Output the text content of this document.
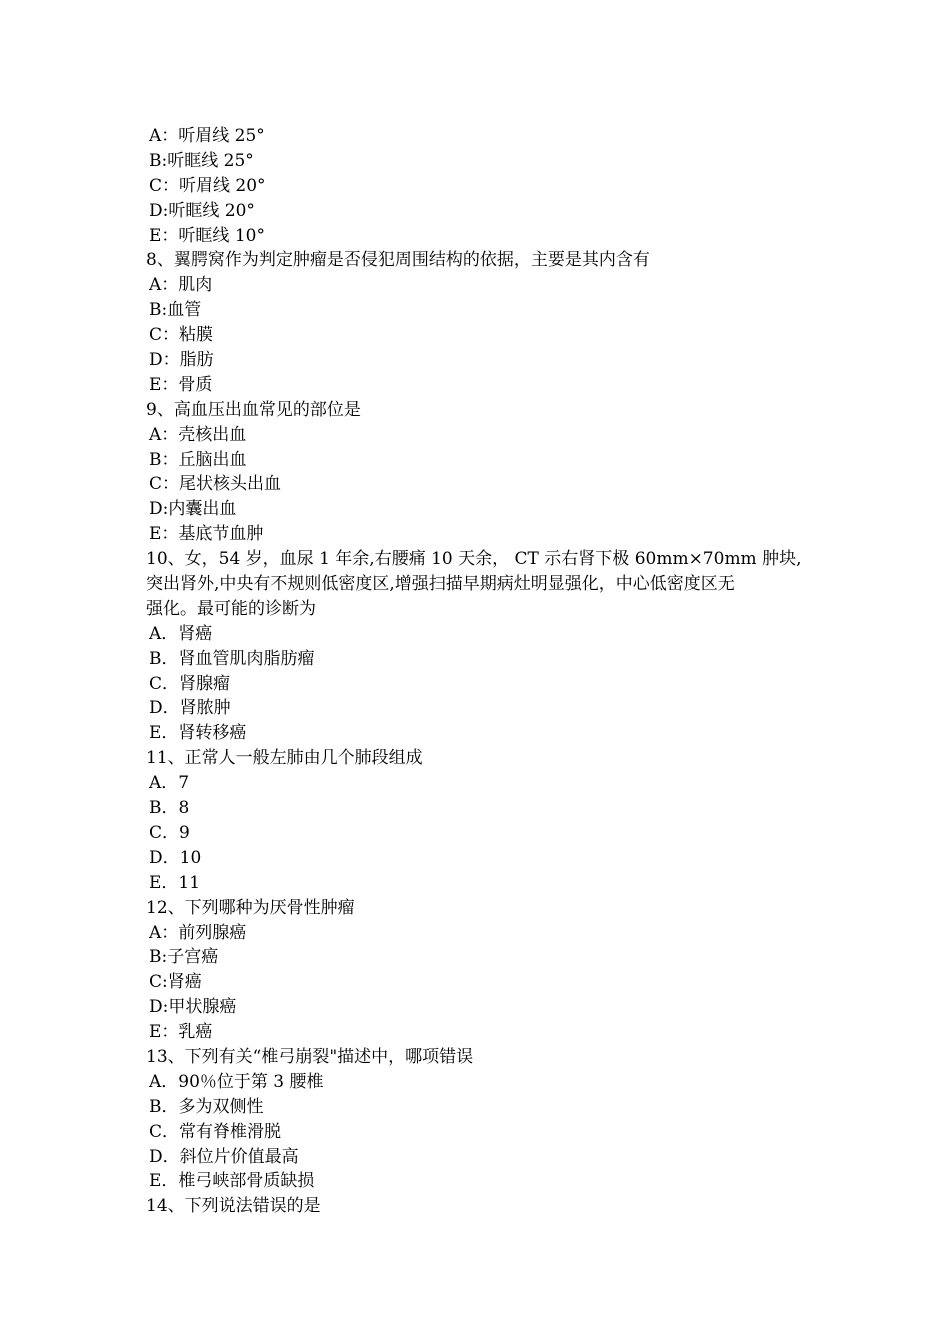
A：听眉线 25°
B:听眶线 25°
C：听眉线 20°
D:听眶线 20°
E：听眶线 10°
8、翼腭窝作为判定肿瘤是否侵犯周围结构的依据，主要是其内含有
A：肌肉
B:血管
C：粘膜
D：脂肪
E：骨质
9、高血压出血常见的部位是
A：壳核出血
B：丘脑出血
C：尾状核头出血
D:内囊出血
E：基底节血肿
10、女，54 岁，血尿 1 年余,右腰痛 10 天余， CT 示右肾下极 60mm×70mm 肿块,
突出肾外,中央有不规则低密度区,增强扫描早期病灶明显强化，中心低密度区无
强化。最可能的诊断为
A．肾癌
B．肾血管肌肉脂肪瘤
C．肾腺瘤
D．肾脓肿
E．肾转移癌
11、正常人一般左肺由几个肺段组成
A．7
B．8
C．9
D．10
E．11
12、下列哪种为厌骨性肿瘤
A：前列腺癌
B:子宫癌
C:肾癌
D:甲状腺癌
E：乳癌
13、下列有关“椎弓崩裂"描述中，哪项错误
A．90％位于第 3 腰椎
B．多为双侧性
C．常有脊椎滑脱
D．斜位片价值最高
E．椎弓峡部骨质缺损
14、下列说法错误的是
